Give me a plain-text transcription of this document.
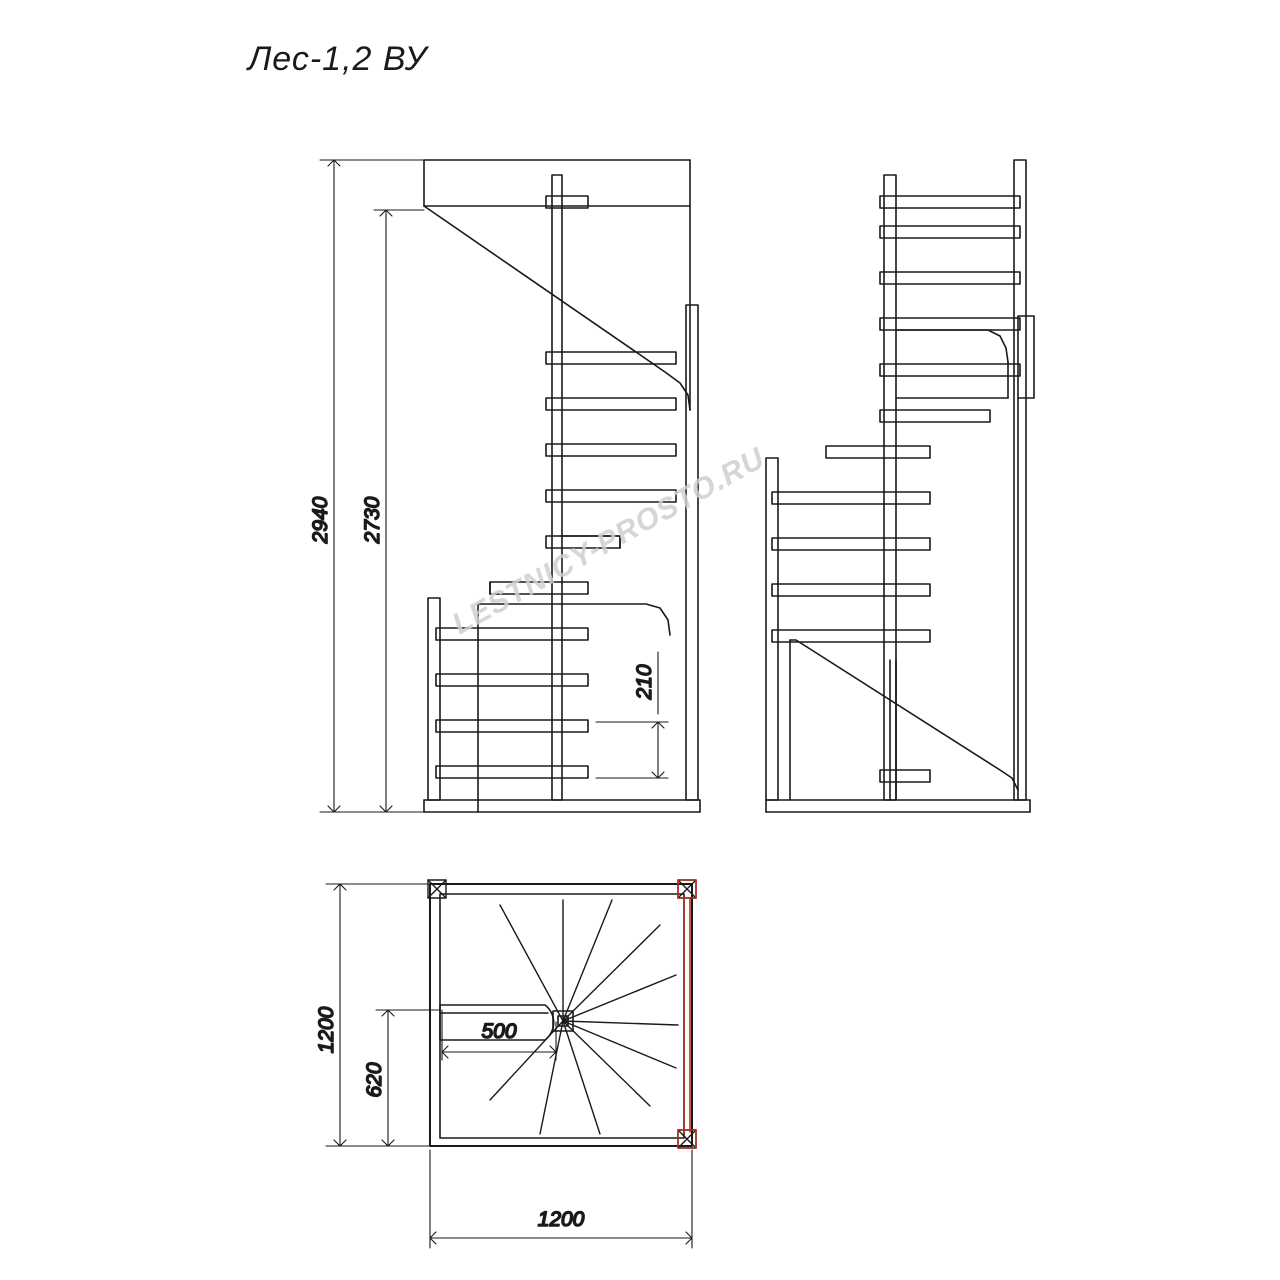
Лес-1,2 ВУ
2940 2730
210
1200
620
500
1200
LESTNICY-PROSTO.RU
